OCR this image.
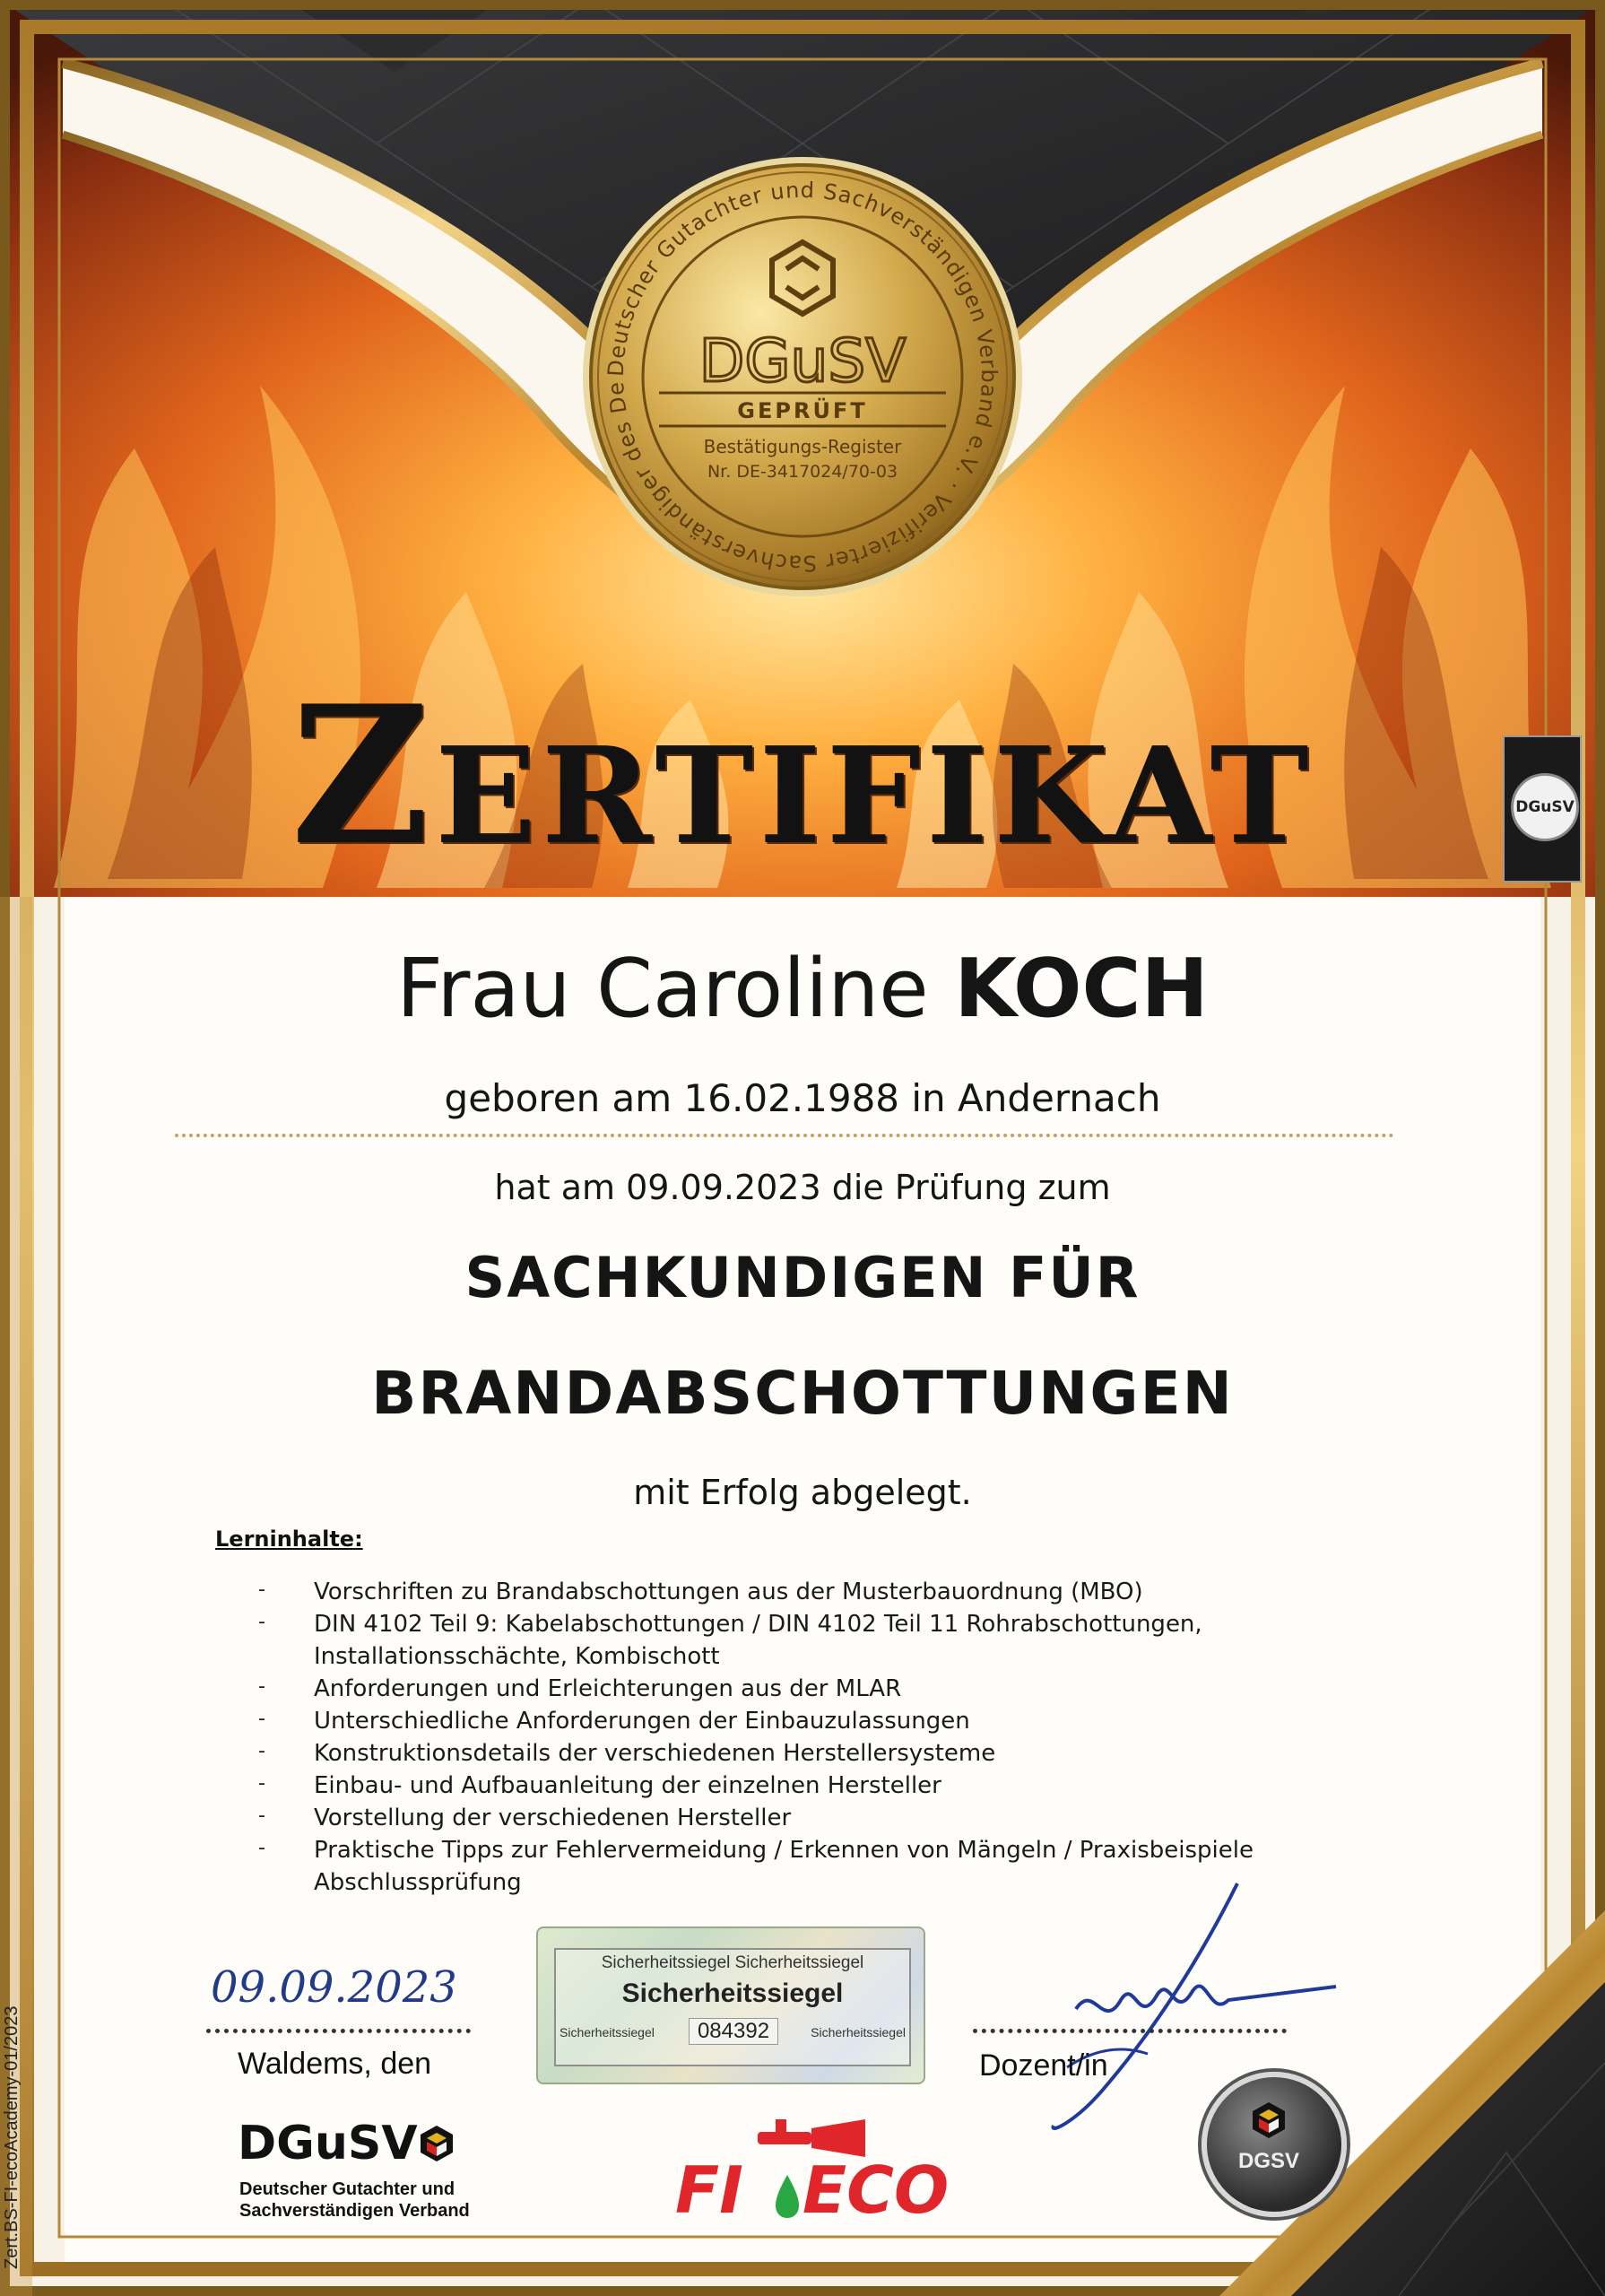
Deutscher Gutachter und Sachverständigen Verband e.V. · Verifizierter Sachverständiger des De	DGuSV
GEPRÜFT
Bestätigungs-Register
Nr. DE-3417024/70-03
Zertifikat	DGuSV
Frau Caroline KOCH
geboren am 16.02.1988 in Andernach
hat am 09.09.2023 die Prüfung zum
SACHKUNDIGEN FÜR
BRANDABSCHOTTUNGEN
mit Erfolg abgelegt.
Lerninhalte:
- Vorschriften zu Brandabschottungen aus der Musterbauordnung (MBO)
- DIN 4102 Teil 9: Kabelabschottungen / DIN 4102 Teil 11 Rohrabschottungen,
Installationsschächte, Kombischott
- Anforderungen und Erleichterungen aus der MLAR
- Unterschiedliche Anforderungen der Einbauzulassungen
- Konstruktionsdetails der verschiedenen Herstellersysteme
- Einbau- und Aufbauanleitung der einzelnen Hersteller
- Vorstellung der verschiedenen Hersteller
- Praktische Tipps zur Fehlervermeidung / Erkennen von Mängeln / Praxisbeispiele
Abschlussprüfung
09.09.2023
Waldems, den
Sicherheitssiegel Sicherheitssiegel
Sicherheitssiegel
Sicherheitssiegel	084392	Sicherheitssiegel
Dozent/in
DGuSV
Deutscher Gutachter und
Sachverständigen Verband	FI ECO	DGSV
Zert.BS-FI-ecoAcademy-01/2023
